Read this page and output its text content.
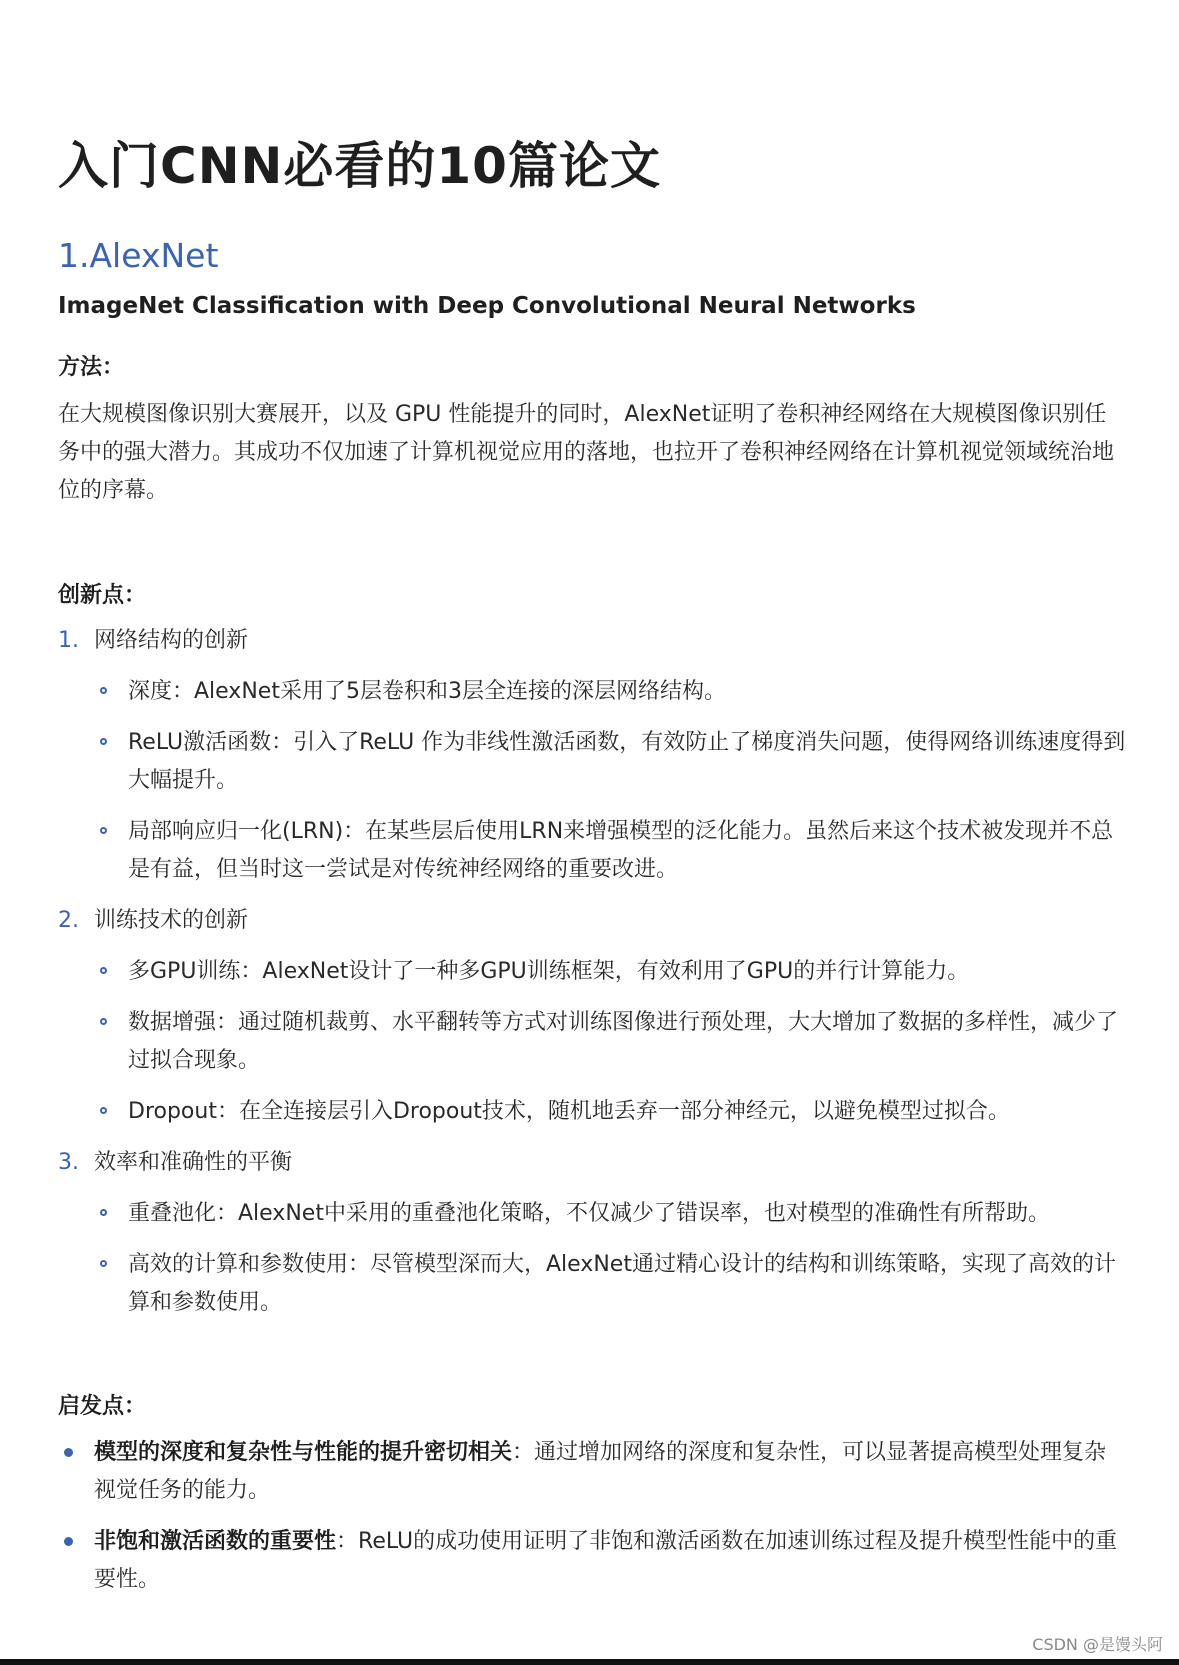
入门CNN必看的10篇论文
1.AlexNet
ImageNet Classification with Deep Convolutional Neural Networks
方法：

在大规模图像识别大赛展开，以及 GPU 性能提升的同时，AlexNet证明了卷积神经网络在大规模图像识别任务中的强大潜力。其成功不仅加速了计算机视觉应用的落地，也拉开了卷积神经网络在计算机视觉领域统治地位的序幕。

创新点：
1. 网络结构的创新
深度：AlexNet采用了5层卷积和3层全连接的深层网络结构。
ReLU激活函数：引入了ReLU 作为非线性激活函数，有效防止了梯度消失问题，使得网络训练速度得到大幅提升。
局部响应归一化(LRN)：在某些层后使用LRN来增强模型的泛化能力。虽然后来这个技术被发现并不总是有益，但当时这一尝试是对传统神经网络的重要改进。
2. 训练技术的创新
多GPU训练：AlexNet设计了一种多GPU训练框架，有效利用了GPU的并行计算能力。
数据增强：通过随机裁剪、水平翻转等方式对训练图像进行预处理，大大增加了数据的多样性，减少了过拟合现象。
Dropout：在全连接层引入Dropout技术，随机地丢弃一部分神经元，以避免模型过拟合。
3. 效率和准确性的平衡
重叠池化：AlexNet中采用的重叠池化策略，不仅减少了错误率，也对模型的准确性有所帮助。
高效的计算和参数使用：尽管模型深而大，AlexNet通过精心设计的结构和训练策略，实现了高效的计算和参数使用。
启发点：
模型的深度和复杂性与性能的提升密切相关：通过增加网络的深度和复杂性，可以显著提高模型处理复杂视觉任务的能力。
非饱和激活函数的重要性：ReLU的成功使用证明了非饱和激活函数在加速训练过程及提升模型性能中的重要性。
CSDN @是馒头阿
